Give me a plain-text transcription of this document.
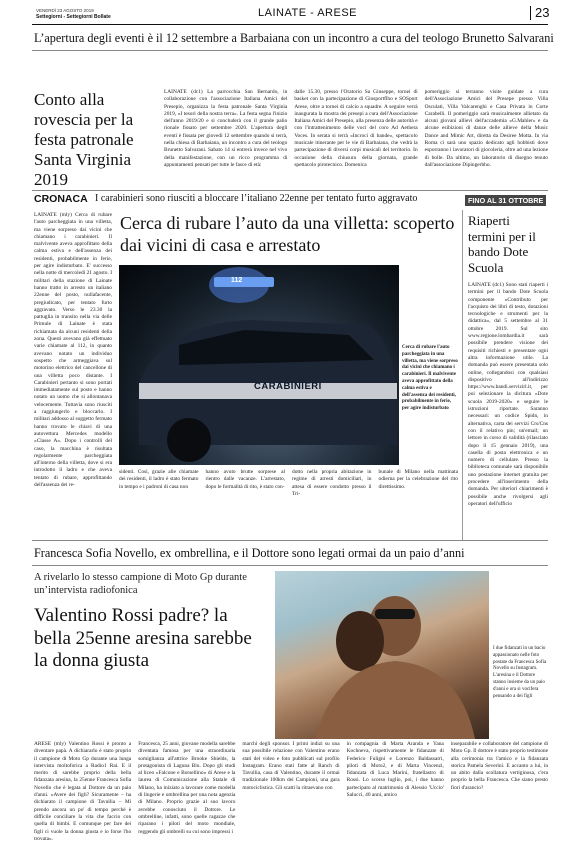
VENERDÌ 23 AGOSTO 2019
Settegiorni - Settegiorni Bollate	LAINATE - ARESE	23
L’apertura degli eventi è il 12 settembre a Barbaiana con un incontro a cura del teologo Brunetto Salvarani
Conto alla rovescia per la festa patronale Santa Virginia 2019

LAINATE (dc1) La parrocchia San Bernardo, in collaborazione con l'associazione Italiana Amici del Presepio, organizza la festa patronale Santa Virginia 2019, «I tesori della nostra terra». La festa segna l'inizio dell'anno 2019/20 e si concluderà con il grande palio rionale fissato per settembre 2020. L'apertura degli eventi è fissata per giovedì 12 settembre quando si terrà, nella chiesa di Barbaiana, un incontro a cura del teologo Brunetto Salvarani. Sabato 14 si entrerà invece nel vivo della manifestazione, con un ricco programma di appuntamenti pensati per tutte le fasce di età:

dalle 15.30, presso l'Oratorio Sa Giuseppe, tornei di basket con la partecipazione di Giosportflho e SOSport Arese, oltre a tornei di calcio a squadre. A seguire verrà inaugurata la mostra dei presepi a cura dell'Associazione Italiana Amici del Presepio, alla presenza delle autorità e con l'intrattenimento delle voci del coro Ad Aethera Voces. In serata si terrà «Incroci di bande», spettacolo musicale itinerante per le vie di Barbaiana, che vedrà la partecipazione di diversi corpi musicali del territorio. In occasione della chiusura della giornata, grande spettacolo pirotecnico. Domenica

pomeriggio si terranno visite guidate a cura dell'Associazione Amici del Presepe presso Villa Osculati, Villa Valcarenghi e Casa Privata in Corte Carabelli. Il pomeriggio sarà musicalmente allietato da alcuni giovani allievi dell'accademia «G.Mahler» e da alcune esibizioni di danze delle allieve della Music Dance and Mimic Art, diretta da Desiree Motta. In via Roma ci sarà uno spazio dedicato agli hobbisti dove esporranno i lavoratori di giocoleria, oltre ad una lezione di bolle. Da ultimo, un laboratorio di disegno tenuto dall'associazione Dipingerbho.

CRONACA I carabinieri sono riusciti a bloccare l’italiano 22enne per tentato furto aggravato	FINO AL 31 OTTOBRE

LAINATE (mly) Cerca di rubare l'auto parcheggiata in una villetta, ma viene sorpreso dai vicini che chiamano i carabinieri. Il malvivente aveva approfittato della calma estiva e dell'assenza dei residenti, probabilmente in ferie, per agire indisturbato. E' successo nella notte di mercoledì 21 agosto. I militari della stazione di Lainate hanno tratto in arresto un italiano 22enne del posto, nullafacente, pregiudicato, per tentato furto aggravato. Verso le 23.30 la pattuglia in transito nella via delle Primule di Lainate è stata richiamata da alcuni residenti della zona. Questi avevano già effettuato varie chiamate al 112, in quanto avevano notato un individuo sospetto che armeggiava sul motorino elettrico del cancellone di una villetta poco distante. I Carabinieri pertanto si sono portati immediatamente sul posto e hanno notato un uomo che si allontanava velocemente. Tuttavia sono riusciti a raggiungerlo e bloccarlo. I militari addosso al soggetto fermato hanno trovato le chiavi di una autovettura Mercedes modello «Classe A». Dopo i controlli del caso, la macchina è risultata regolarmente parcheggiata all'interno della villetta, dove si era introdotto il ladro e che aveva tentato di rubare, approfittando dell'assenza dei re-

Cerca di rubare l’auto da una villetta: scoperto dai vicini di casa e arrestato
CARABINIERI
112

Cerca di rubare l'auto parcheggiata in una villetta, ma viene sorpreso dai vicini che chiamano i carabinieri. Il malvivente aveva approfittato della calma estiva e dell'assenza dei residenti, probabilmente in ferie, per agire indisturbato

sidenti. Così, grazie alle chiamate dei residenti, il ladro è stato fermato in tempo e i padroni di casa non

hanno avuto brutte sorprese al rientro dalle vacanze. L'arrestato, dopo le formalità di rito, è stato con-

dotto nella propria abitazione in regime di arresti domiciliari, in attesa di essere condotto presso il Tri-

bunale di Milano nella mattinata odierna per la celebrazione del rito direttissimo.

Riaperti termini per il bando Dote Scuola

LAINATE (dc1) Sono stati riaperti i termini per il bando Dote Scuola componente «Contributo per l'acquisto dei libri di testo, dotazioni tecnologiche e strumenti per la didattica», dal 5 settembre al 31 ottobre 2019. Sul sito www.regione.lombardia.it sarà possibile prendere visione dei requisiti richiesti e presentare ogni altra informazione utile. La domanda può essere presentata solo online, collegandosi con qualsiasi dispositivo all'indirizzo https://www.bandi.servizirl.it, per poi selezionare la dicitura «Dote scuola 2019-2020» e seguire le istruzioni riportate. Saranno necessari: un codice Spidn, in alternativa, carta dei servizi Crs/Cns con il relativo pin; un'email; un lettore in corso di validità (rilasciato dopo il 15 gennaio 2019), una casella di posta elettronica e un numero di cellulare. Presso la biblioteca comunale sarà disponibile uno postazione internet gratuita per procedere all'inserimento della domanda. Per ulteriori chiarimenti è possibile anche rivolgersi agli operatori dell'ufficio

Francesca Sofia Novello, ex ombrellina, e il Dottore sono legati ormai da un paio d’anni
A rivelarlo lo stesso campione di Moto Gp durante un’intervista radiofonica
Valentino Rossi padre? la bella 25enne aresina sarebbe la donna giusta

I due fidanzati in un bacio appassionato nelle foto postate da Francesca Sofia Novello su Instagram. L'aresina e il Dottore stanno insieme da un paio d'anni e ora si vocifera pensando a dei figli

ARESE (mly) Valentino Rossi è pronto a diventare papà. A dichiararlo è stato proprio il campione di Moto Gp durante una lunga intervista moltoforica a Radio1 Rai. E il merito di sarebbe proprio della bella fidanzata aresina, la 25enne Francesca Sofia Novello che è legata al Dottore da un paio d'anni. «Avere dei figli? Sicuramente – ha dichiarato il campione di Tavullia – Mi prendo ancora un po' di tempo perché è difficile conciliare la vita che faccio con quella di bimbi. E comunque per fare dei figli ci vuole la donna giusta e io forse l'ho trovata».

Francesca, 25 anni, giovane modella sarebbe diventata famosa per una straordinaria somiglianza all'attrice Brooke Shields, la protagonista di Laguna Blu. Dopo gli studi al liceo «Falcone e Borsellino» di Arese e la laurea di Comunicazione alla Statale di Milano, ha iniziato a lavorare come modella di lingerie e ombrellina per una nota agenzia di Milano. Proprio grazie al suo lavoro avrebbe conosciuto il Dottore. Le ombrelline, infatti, sono quelle ragazze che riparano i piloti del moto mondiale, reggendo gli ombrelli su cui sono impressi i

marchi degli sponsor. I primi indizi su una sua possibile relazione con Valentino erano stati del video e foto pubblicati sul profilo Instagram. Erano stati fatte al Ranch di Tavullia, casa di Valentino, durante il ormai tradizionale 100km dei Campioni, una gara motociclistica. Gli scatti la ritraevano con

in compagnia di Marta Aranda e Yana Kochneva, rispettivamente le fidanzate di Federico Fuligni e Lorenzo Baldassarri, piloti di Moto2, e di Marta Vincenzi, fidanzata di Luca Marini, fratellastro di Rossi. Lo scorso luglio, poi, i due hanno partecipato al matrimonio di Alessio 'Uccio' Salucci, 40 anni, amico

inseparabile e collaboratore del campione di Moto Gp. Il dottore è stato proprio testimone alla cerimonia tra l'amico e la fidanzata storica Pamela Severini. E accanto a lui, in un abito dalla scollatura vertiginosa, c'era proprio la bella Francesca. Che siano presto fiori d'arancio?
